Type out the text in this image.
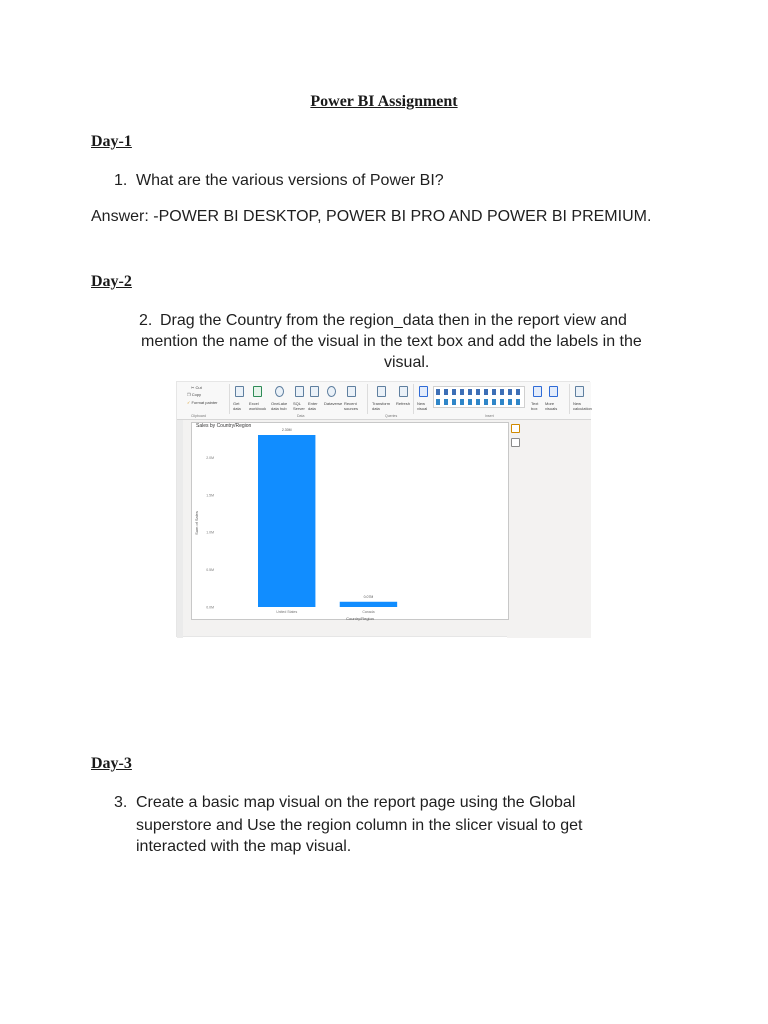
Power BI Assignment
Day-1
1. What are the various versions of Power BI?
Answer: -POWER BI DESKTOP, POWER BI PRO AND POWER BI PREMIUM.
Day-2
2. Drag the Country from the region_data then in the report view and
mention the name of the visual in the text box and add the labels in the
visual.
✂ Cut
❐ Copy
✓ Format painter
Clipboard
Get data
Excel workbook
OneLake data hub
SQL Server
Enter data
Dataverse Recent sources
Data
Transform data
Refresh
Queries
New visual
Text box
More visuals
Insert
New calculation
Sales by Country/Region
Country/Region
Sum of Sales
0.0M
0.5M
1.0M
1.5M
2.0M
2.30M
United States
0.07M
Canada
Day-3
3. Create a basic map visual on the report page using the Global
superstore and Use the region column in the slicer visual to get
interacted with the map visual.
